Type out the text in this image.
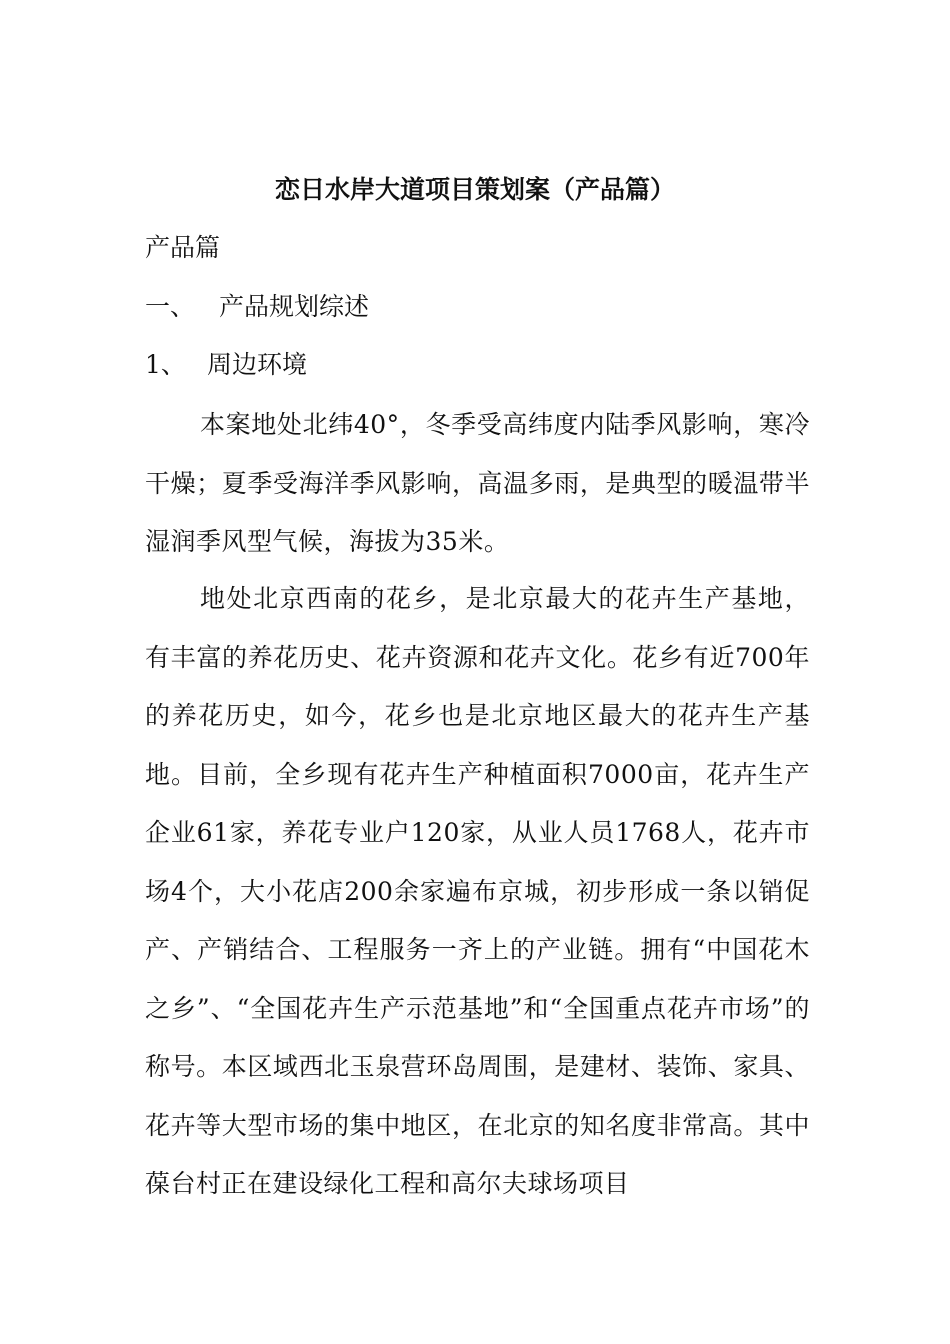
恋日水岸大道项目策划案（产品篇）

产品篇

一、 产品规划综述

1、 周边环境

本案地处北纬40°，冬季受高纬度内陆季风影响，寒冷干燥；夏季受海洋季风影响，高温多雨，是典型的暖温带半湿润季风型气候，海拔为35米。

地处北京西南的花乡，是北京最大的花卉生产基地，有丰富的养花历史、花卉资源和花卉文化。花乡有近700年的养花历史，如今，花乡也是北京地区最大的花卉生产基地。目前，全乡现有花卉生产种植面积7000亩，花卉生产企业61家，养花专业户120家，从业人员1768人，花卉市场4个，大小花店200余家遍布京城，初步形成一条以销促产、产销结合、工程服务一齐上的产业链。拥有“中国花木之乡”、“全国花卉生产示范基地”和“全国重点花卉市场”的称号。本区域西北玉泉营环岛周围，是建材、装饰、家具、花卉等大型市场的集中地区，在北京的知名度非常高。其中葆台村正在建设绿化工程和高尔夫球场项目
